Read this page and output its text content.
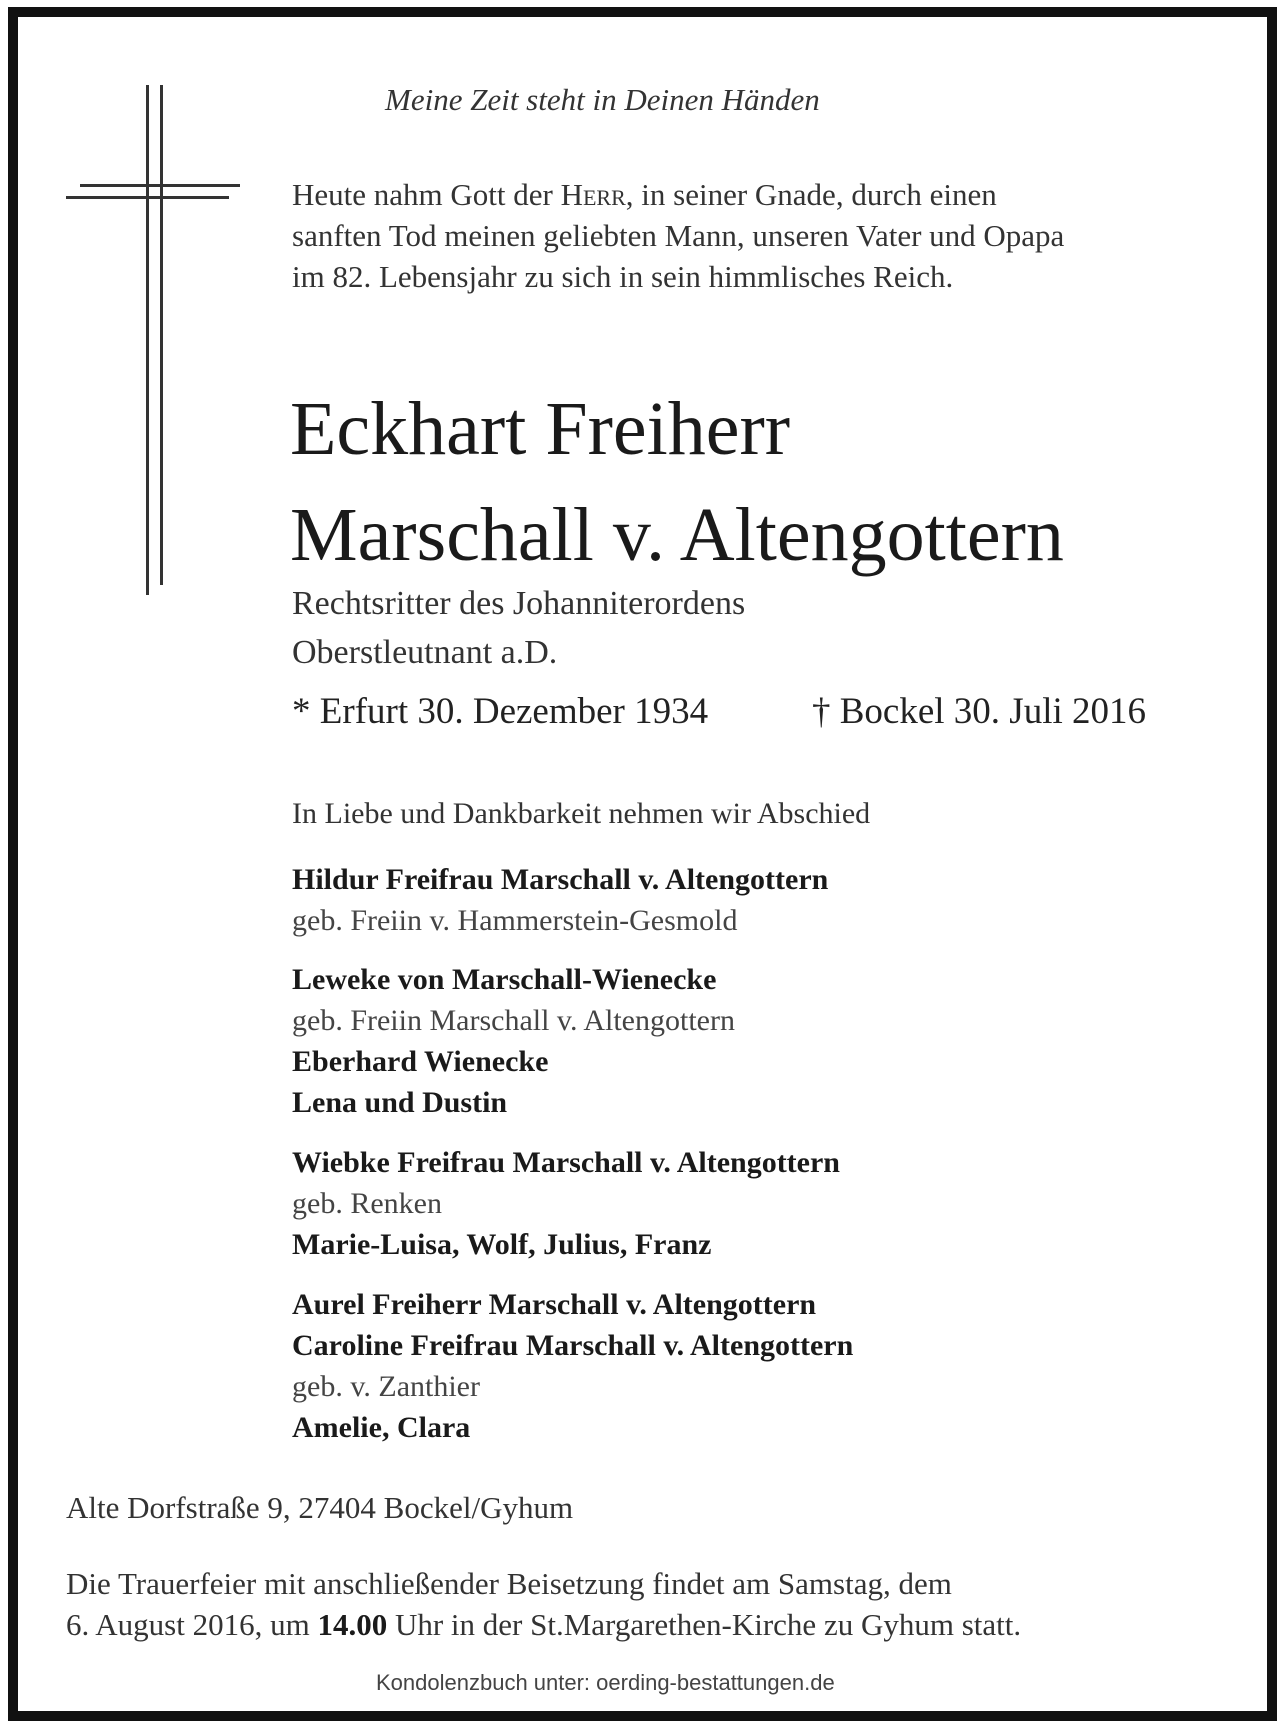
Meine Zeit steht in Deinen Händen
Heute nahm Gott der Herr, in seiner Gnade, durch einen
sanften Tod meinen geliebten Mann, unseren Vater und Opapa
im 82. Lebensjahr zu sich in sein himmlisches Reich.
Eckhart Freiherr
Marschall v. Altengottern
Rechtsritter des Johanniterordens
Oberstleutnant a.D.
* Erfurt 30. Dezember 1934	† Bockel 30. Juli 2016
In Liebe und Dankbarkeit nehmen wir Abschied
Hildur Freifrau Marschall v. Altengottern
geb. Freiin v. Hammerstein-Gesmold
Leweke von Marschall-Wienecke
geb. Freiin Marschall v. Altengottern
Eberhard Wienecke
Lena und Dustin
Wiebke Freifrau Marschall v. Altengottern
geb. Renken
Marie-Luisa, Wolf, Julius, Franz
Aurel Freiherr Marschall v. Altengottern
Caroline Freifrau Marschall v. Altengottern
geb. v. Zanthier
Amelie, Clara
Alte Dorfstraße 9, 27404 Bockel/Gyhum
Die Trauerfeier mit anschließender Beisetzung findet am Samstag, dem
6. August 2016, um 14.00 Uhr in der St.Margarethen-Kirche zu Gyhum statt.
Kondolenzbuch unter: oerding-bestattungen.de
